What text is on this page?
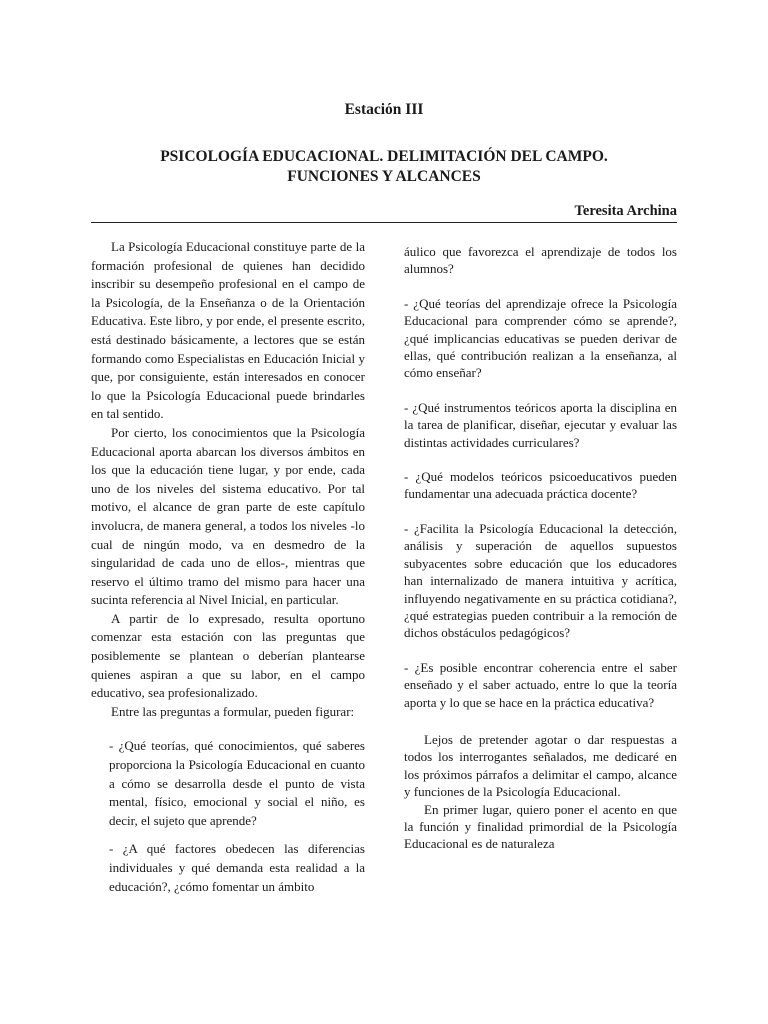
Estación III
PSICOLOGÍA EDUCACIONAL. DELIMITACIÓN DEL CAMPO.
FUNCIONES Y ALCANCES
Teresita Archina

La Psicología Educacional constituye parte de la formación profesional de quienes han decidido inscribir su desempeño profesional en el campo de la Psicología, de la Enseñanza o de la Orientación Educativa. Este libro, y por ende, el presente escrito, está destinado básicamente, a lectores que se están formando como Especialistas en Educación Inicial y que, por consiguiente, están interesados en conocer lo que la Psicología Educacional puede brindarles en tal sentido.

Por cierto, los conocimientos que la Psicología Educacional aporta abarcan los diversos ámbitos en los que la educación tiene lugar, y por ende, cada uno de los niveles del sistema educativo. Por tal motivo, el alcance de gran parte de este capítulo involucra, de manera general, a todos los niveles -lo cual de ningún modo, va en desmedro de la singularidad de cada uno de ellos-, mientras que reservo el último tramo del mismo para hacer una sucinta referencia al Nivel Inicial, en particular.

A partir de lo expresado, resulta oportuno comenzar esta estación con las preguntas que posiblemente se plantean o deberían plantearse quienes aspiran a que su labor, en el campo educativo, sea profesionalizado.

Entre las preguntas a formular, pueden figurar:

- ¿Qué teorías, qué conocimientos, qué saberes proporciona la Psicología Educacional en cuanto a cómo se desarrolla desde el punto de vista mental, físico, emocional y social el niño, es decir, el sujeto que aprende?

- ¿A qué factores obedecen las diferencias individuales y qué demanda esta realidad a la educación?, ¿cómo fomentar un ámbito

áulico que favorezca el aprendizaje de todos los alumnos?

- ¿Qué teorías del aprendizaje ofrece la Psicología Educacional para comprender cómo se aprende?, ¿qué implicancias educativas se pueden derivar de ellas, qué contribución realizan a la enseñanza, al cómo enseñar?

- ¿Qué instrumentos teóricos aporta la disciplina en la tarea de planificar, diseñar, ejecutar y evaluar las distintas actividades curriculares?

- ¿Qué modelos teóricos psicoeducativos pueden fundamentar una adecuada práctica docente?

- ¿Facilita la Psicología Educacional la detección, análisis y superación de aquellos supuestos subyacentes sobre educación que los educadores han internalizado de manera intuitiva y acrítica, influyendo negativamente en su práctica cotidiana?, ¿qué estrategias pueden contribuir a la remoción de dichos obstáculos pedagógicos?

- ¿Es posible encontrar coherencia entre el saber enseñado y el saber actuado, entre lo que la teoría aporta y lo que se hace en la práctica educativa?

Lejos de pretender agotar o dar respuestas a todos los interrogantes señalados, me dedicaré en los próximos párrafos a delimitar el campo, alcance y funciones de la Psicología Educacional.

En primer lugar, quiero poner el acento en que la función y finalidad primordial de la Psicología Educacional es de naturaleza
